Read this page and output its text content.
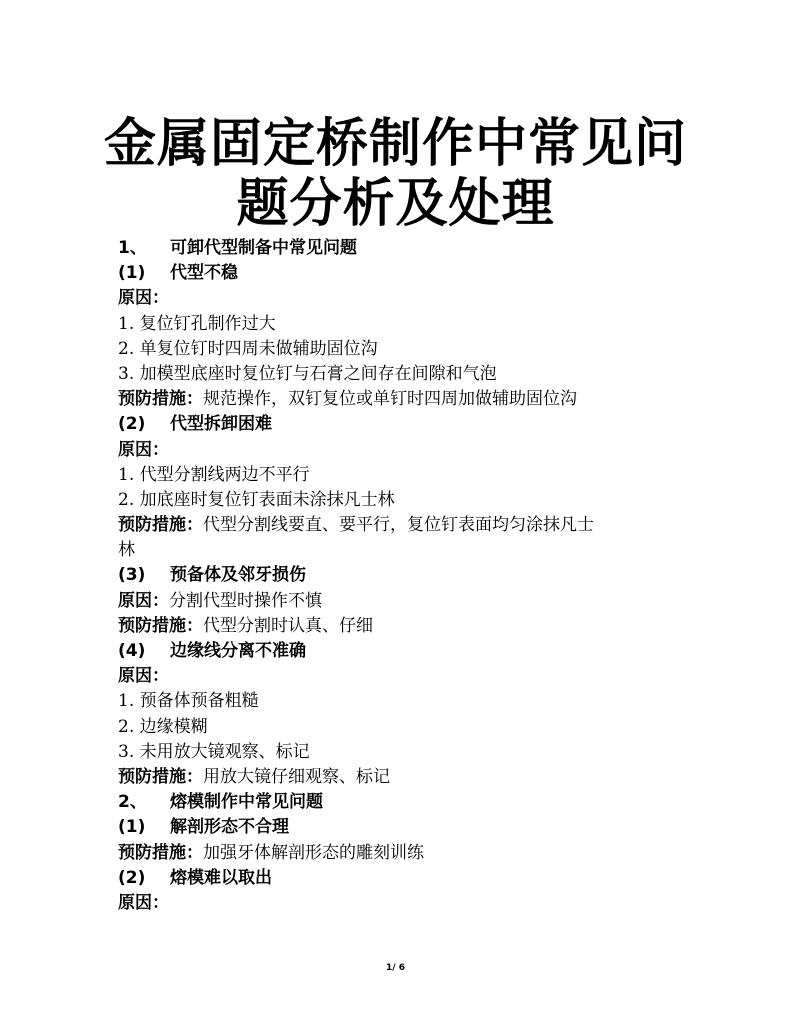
金属固定桥制作中常见问
题分析及处理
1、 可卸代型制备中常见问题
(1) 代型不稳
原因：
1. 复位钉孔制作过大
2. 单复位钉时四周未做辅助固位沟
3. 加模型底座时复位钉与石膏之间存在间隙和气泡
预防措施：规范操作，双钉复位或单钉时四周加做辅助固位沟
(2) 代型拆卸困难
原因：
1. 代型分割线两边不平行
2. 加底座时复位钉表面未涂抹凡士林
预防措施：代型分割线要直、要平行，复位钉表面均匀涂抹凡士
林
(3) 预备体及邻牙损伤
原因：分割代型时操作不慎
预防措施：代型分割时认真、仔细
(4) 边缘线分离不准确
原因：
1. 预备体预备粗糙
2. 边缘模糊
3. 未用放大镜观察、标记
预防措施：用放大镜仔细观察、标记
2、 熔模制作中常见问题
(1) 解剖形态不合理
预防措施：加强牙体解剖形态的雕刻训练
(2) 熔模难以取出
原因：
1/ 6
